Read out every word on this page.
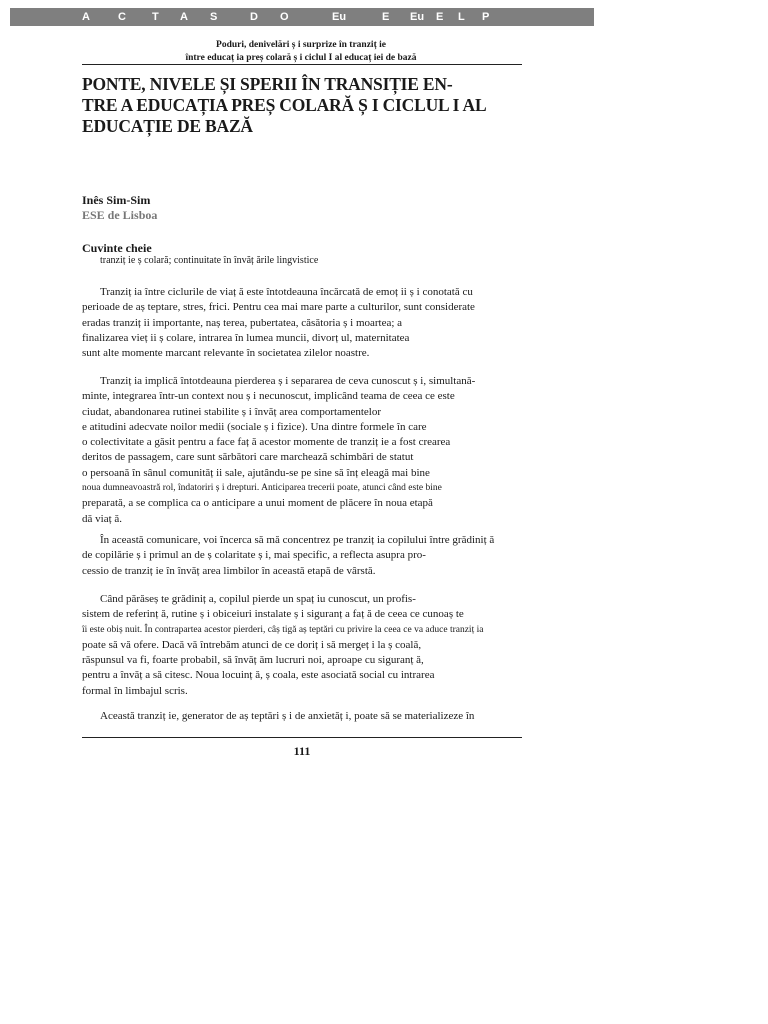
A	C T A S	D O	Eu	E Eu E L P
Poduri, denivelări ș i surprize în tranziț ie
între educaț ia preș colară ș i ciclul I al educaț iei de bază
PONTE, NIVELE ȘI SPERII ÎN TRANSIȚIE EN-
TRE A EDUCAȚIA PREȘ COLARĂ Ș I CICLUL I AL
EDUCAȚIE DE BAZĂ

Inês Sim-Sim

ESE de Lisboa

Cuvinte cheie

tranziț ie ș colară; continuitate în învăț ările lingvistice

Tranziț ia între ciclurile de viaț ă este întotdeauna încărcată de emoț ii ș i conotată cu
perioade de aș teptare, stres, frici. Pentru cea mai mare parte a culturilor, sunt considerate
eradas tranziț ii importante, naș terea, pubertatea, căsătoria ș i moartea; a
finalizarea vieț ii ș colare, intrarea în lumea muncii, divorț ul, maternitatea
sunt alte momente marcant relevante în societatea zilelor noastre.
Tranziț ia implică întotdeauna pierderea ș i separarea de ceva cunoscut ș i, simultană-
minte, integrarea într-un context nou ș i necunoscut, implicând teama de ceea ce este
ciudat, abandonarea rutinei stabilite ș i învăț area comportamentelor
e atitudini adecvate noilor medii (sociale ș i fizice). Una dintre formele în care
o colectivitate a găsit pentru a face faț ă acestor momente de tranziț ie a fost crearea
deritos de passagem, care sunt sărbători care marchează schimbări de statut
o persoană în sânul comunităț ii sale, ajutându-se pe sine să înț eleagă mai bine
noua dumneavoastră rol, îndatoriri ș i drepturi. Anticiparea trecerii poate, atunci când este bine
preparată, a se complica ca o anticipare a unui moment de plăcere în noua etapă
dă viaț ă.
În această comunicare, voi încerca să mă concentrez pe tranziț ia copilului între grădiniț ă
de copilărie ș i primul an de ș colaritate ș i, mai specific, a reflecta asupra pro-
cessio de tranziț ie în învăț area limbilor în această etapă de vârstă.
Când părăseș te grădiniț a, copilul pierde un spaț iu cunoscut, un profis-
sistem de referinț ă, rutine ș i obiceiuri instalate ș i siguranț a faț ă de ceea ce cunoaș te
îi este obiș nuit. În contrapartea acestor pierderi, câș tigă aș teptări cu privire la ceea ce va aduce tranziț ia
poate să vă ofere. Dacă vă întrebăm atunci de ce doriț i să mergeț i la ș coală,
răspunsul va fi, foarte probabil, să învăț ăm lucruri noi, aproape cu siguranț ă,
pentru a învăț a să citesc. Noua locuinț ă, ș coala, este asociată social cu intrarea
formal în limbajul scris.
Această tranziț ie, generator de aș teptări ș i de anxietăț i, poate să se materializeze în

111
